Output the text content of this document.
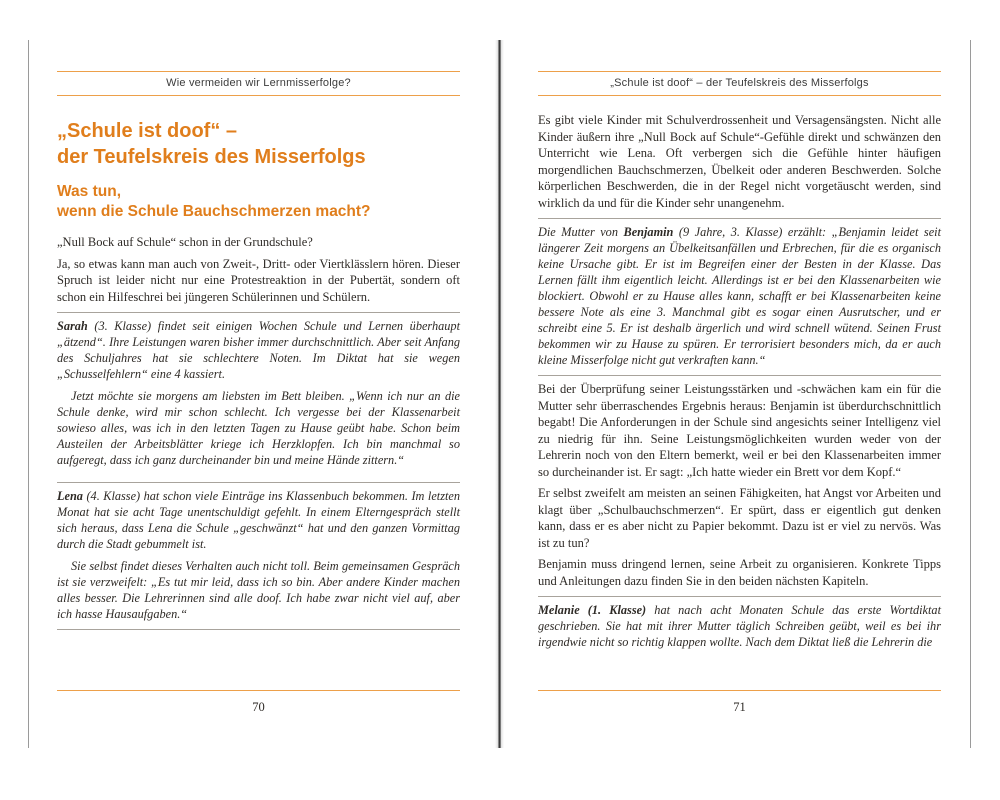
Wie vermeiden wir Lernmisserfolge?
„Schule ist doof“ –
der Teufelskreis des Misserfolgs
Was tun,
wenn die Schule Bauchschmerzen macht?

„Null Bock auf Schule“ schon in der Grundschule?

Ja, so etwas kann man auch von Zweit-, Dritt- oder Viertklässlern hören. Dieser Spruch ist leider nicht nur eine Protestreaktion in der Pubertät, sondern oft schon ein Hilfeschrei bei jüngeren Schülerinnen und Schülern.

Sarah (3. Klasse) findet seit einigen Wochen Schule und Lernen überhaupt „ätzend“. Ihre Leistungen waren bisher immer durchschnittlich. Aber seit Anfang des Schuljahres hat sie schlechtere Noten. Im Diktat hat sie wegen „Schusselfehlern“ eine 4 kassiert.

Jetzt möchte sie morgens am liebsten im Bett bleiben. „Wenn ich nur an die Schule denke, wird mir schon schlecht. Ich vergesse bei der Klassenarbeit sowieso alles, was ich in den letzten Tagen zu Hause geübt habe. Schon beim Austeilen der Arbeitsblätter kriege ich Herzklopfen. Ich bin manchmal so aufgeregt, dass ich ganz durcheinander bin und meine Hände zittern.“

Lena (4. Klasse) hat schon viele Einträge ins Klassenbuch bekommen. Im letzten Monat hat sie acht Tage unentschuldigt gefehlt. In einem Elterngespräch stellt sich heraus, dass Lena die Schule „geschwänzt“ hat und den ganzen Vormittag durch die Stadt gebummelt ist.

Sie selbst findet dieses Verhalten auch nicht toll. Beim gemeinsamen Gespräch ist sie verzweifelt: „Es tut mir leid, dass ich so bin. Aber andere Kinder machen alles besser. Die Lehrerinnen sind alle doof. Ich habe zwar nicht viel auf, aber ich hasse Hausaufgaben.“

70
„Schule ist doof“ – der Teufelskreis des Misserfolgs

Es gibt viele Kinder mit Schulverdrossenheit und Versagensängsten. Nicht alle Kinder äußern ihre „Null Bock auf Schule“-Gefühle direkt und schwänzen den Unterricht wie Lena. Oft verbergen sich die Gefühle hinter häufigen morgendlichen Bauchschmerzen, Übelkeit oder anderen Beschwerden. Solche körperlichen Beschwerden, die in der Regel nicht vorgetäuscht werden, sind wirklich da und für die Kinder sehr unangenehm.

Die Mutter von Benjamin (9 Jahre, 3. Klasse) erzählt: „Benjamin leidet seit längerer Zeit morgens an Übelkeitsanfällen und Erbrechen, für die es organisch keine Ursache gibt. Er ist im Begreifen einer der Besten in der Klasse. Das Lernen fällt ihm eigentlich leicht. Allerdings ist er bei den Klassenarbeiten wie blockiert. Obwohl er zu Hause alles kann, schafft er bei Klassenarbeiten keine bessere Note als eine 3. Manchmal gibt es sogar einen Ausrutscher, und er schreibt eine 5. Er ist deshalb ärgerlich und wird schnell wütend. Seinen Frust bekommen wir zu Hause zu spüren. Er terrorisiert besonders mich, da er auch kleine Misserfolge nicht gut verkraften kann.“

Bei der Überprüfung seiner Leistungsstärken und -schwächen kam ein für die Mutter sehr überraschendes Ergebnis heraus: Benjamin ist überdurchschnittlich begabt! Die Anforderungen in der Schule sind angesichts seiner Intelligenz viel zu niedrig für ihn. Seine Leistungsmöglichkeiten wurden weder von der Lehrerin noch von den Eltern bemerkt, weil er bei den Klassenarbeiten immer so durcheinander ist. Er sagt: „Ich hatte wieder ein Brett vor dem Kopf.“

Er selbst zweifelt am meisten an seinen Fähigkeiten, hat Angst vor Arbeiten und klagt über „Schulbauchschmerzen“. Er spürt, dass er eigentlich gut denken kann, dass er es aber nicht zu Papier bekommt. Dazu ist er viel zu nervös. Was ist zu tun?

Benjamin muss dringend lernen, seine Arbeit zu organisieren. Konkrete Tipps und Anleitungen dazu finden Sie in den beiden nächsten Kapiteln.

Melanie (1. Klasse) hat nach acht Monaten Schule das erste Wortdiktat geschrieben. Sie hat mit ihrer Mutter täglich Schreiben geübt, weil es bei ihr irgendwie nicht so richtig klappen wollte. Nach dem Diktat ließ die Lehrerin die

71
